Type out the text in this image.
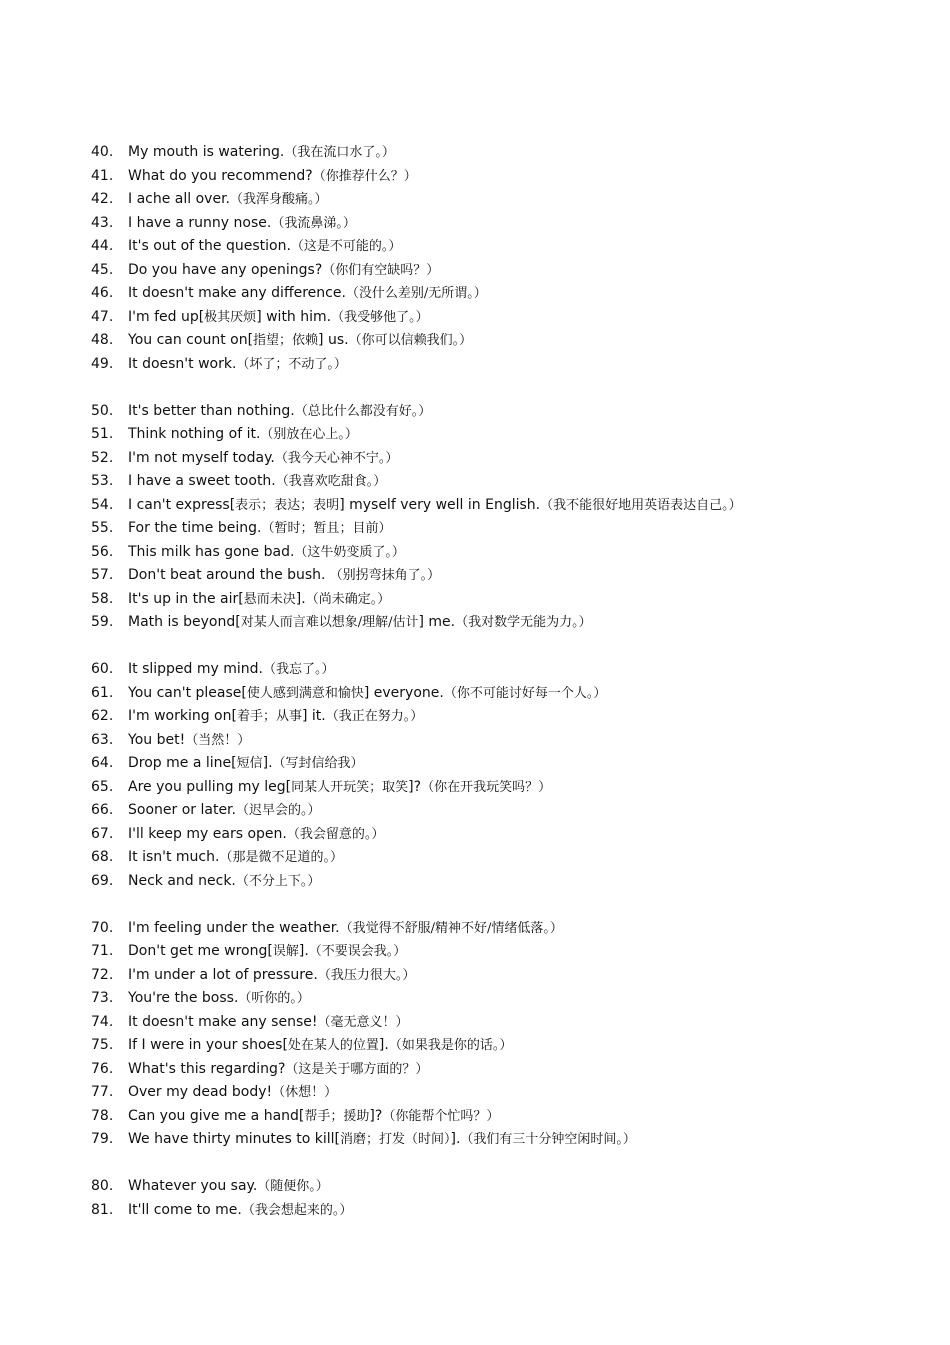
40. My mouth is watering.（我在流口水了。）
41. What do you recommend?（你推荐什么？）
42. I ache all over.（我浑身酸痛。）
43. I have a runny nose.（我流鼻涕。）
44. It's out of the question.（这是不可能的。）
45. Do you have any openings?（你们有空缺吗？）
46. It doesn't make any difference.（没什么差别/无所谓。）
47. I'm fed up[极其厌烦] with him.（我受够他了。）
48. You can count on[指望；依赖] us.（你可以信赖我们。）
49. It doesn't work.（坏了；不动了。）
50. It's better than nothing.（总比什么都没有好。）
51. Think nothing of it.（别放在心上。）
52. I'm not myself today.（我今天心神不宁。）
53. I have a sweet tooth.（我喜欢吃甜食。）
54. I can't express[表示；表达；表明] myself very well in English.（我不能很好地用英语表达自己。）
55. For the time being.（暂时；暂且；目前）
56. This milk has gone bad.（这牛奶变质了。）
57. Don't beat around the bush. （别拐弯抹角了。）
58. It's up in the air[悬而未决].（尚未确定。）
59. Math is beyond[对某人而言难以想象/理解/估计] me.（我对数学无能为力。）
60. It slipped my mind.（我忘了。）
61. You can't please[使人感到满意和愉快] everyone.（你不可能讨好每一个人。）
62. I'm working on[着手；从事] it.（我正在努力。）
63. You bet!（当然！）
64. Drop me a line[短信].（写封信给我）
65. Are you pulling my leg[同某人开玩笑；取笑]?（你在开我玩笑吗？）
66. Sooner or later.（迟早会的。）
67. I'll keep my ears open.（我会留意的。）
68. It isn't much.（那是微不足道的。）
69. Neck and neck.（不分上下。）
70. I'm feeling under the weather.（我觉得不舒服/精神不好/情绪低落。）
71. Don't get me wrong[误解].（不要误会我。）
72. I'm under a lot of pressure.（我压力很大。）
73. You're the boss.（听你的。）
74. It doesn't make any sense!（毫无意义！）
75. If I were in your shoes[处在某人的位置].（如果我是你的话。）
76. What's this regarding?（这是关于哪方面的？）
77. Over my dead body!（休想！）
78. Can you give me a hand[帮手；援助]?（你能帮个忙吗？）
79. We have thirty minutes to kill[消磨；打发（时间）].（我们有三十分钟空闲时间。）
80. Whatever you say.（随便你。）
81. It'll come to me.（我会想起来的。）
